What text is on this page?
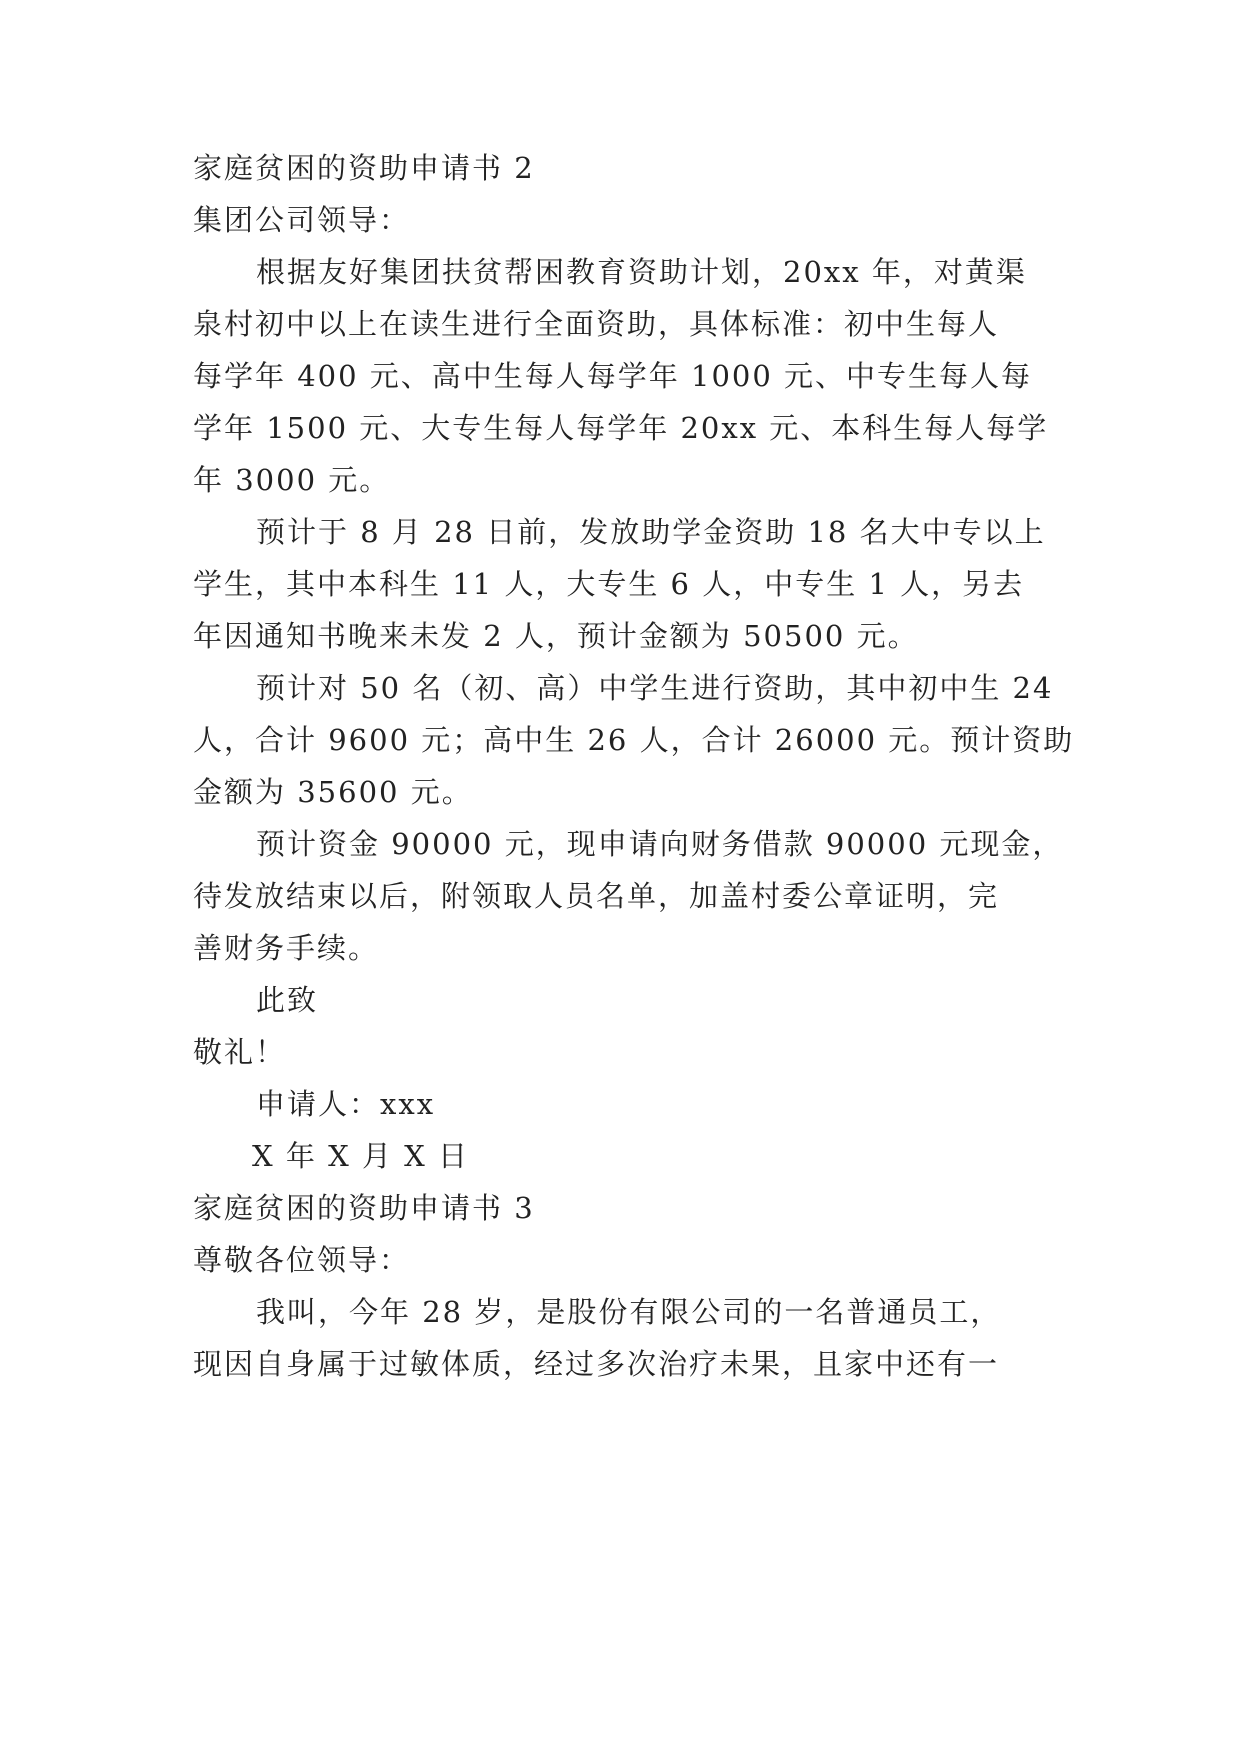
家庭贫困的资助申请书 2
集团公司领导：
根据友好集团扶贫帮困教育资助计划，20xx 年，对黄渠
泉村初中以上在读生进行全面资助，具体标准：初中生每人
每学年 400 元、高中生每人每学年 1000 元、中专生每人每
学年 1500 元、大专生每人每学年 20xx 元、本科生每人每学
年 3000 元。
预计于 8 月 28 日前，发放助学金资助 18 名大中专以上
学生，其中本科生 11 人，大专生 6 人，中专生 1 人，另去
年因通知书晚来未发 2 人，预计金额为 50500 元。
预计对 50 名（初、高）中学生进行资助，其中初中生 24
人，合计 9600 元；高中生 26 人，合计 26000 元。预计资助
金额为 35600 元。
预计资金 90000 元，现申请向财务借款 90000 元现金，
待发放结束以后，附领取人员名单，加盖村委公章证明，完
善财务手续。
此致
敬礼！
申请人：xxx
X 年 X 月 X 日
家庭贫困的资助申请书 3
尊敬各位领导：
我叫，今年 28 岁，是股份有限公司的一名普通员工，
现因自身属于过敏体质，经过多次治疗未果，且家中还有一
